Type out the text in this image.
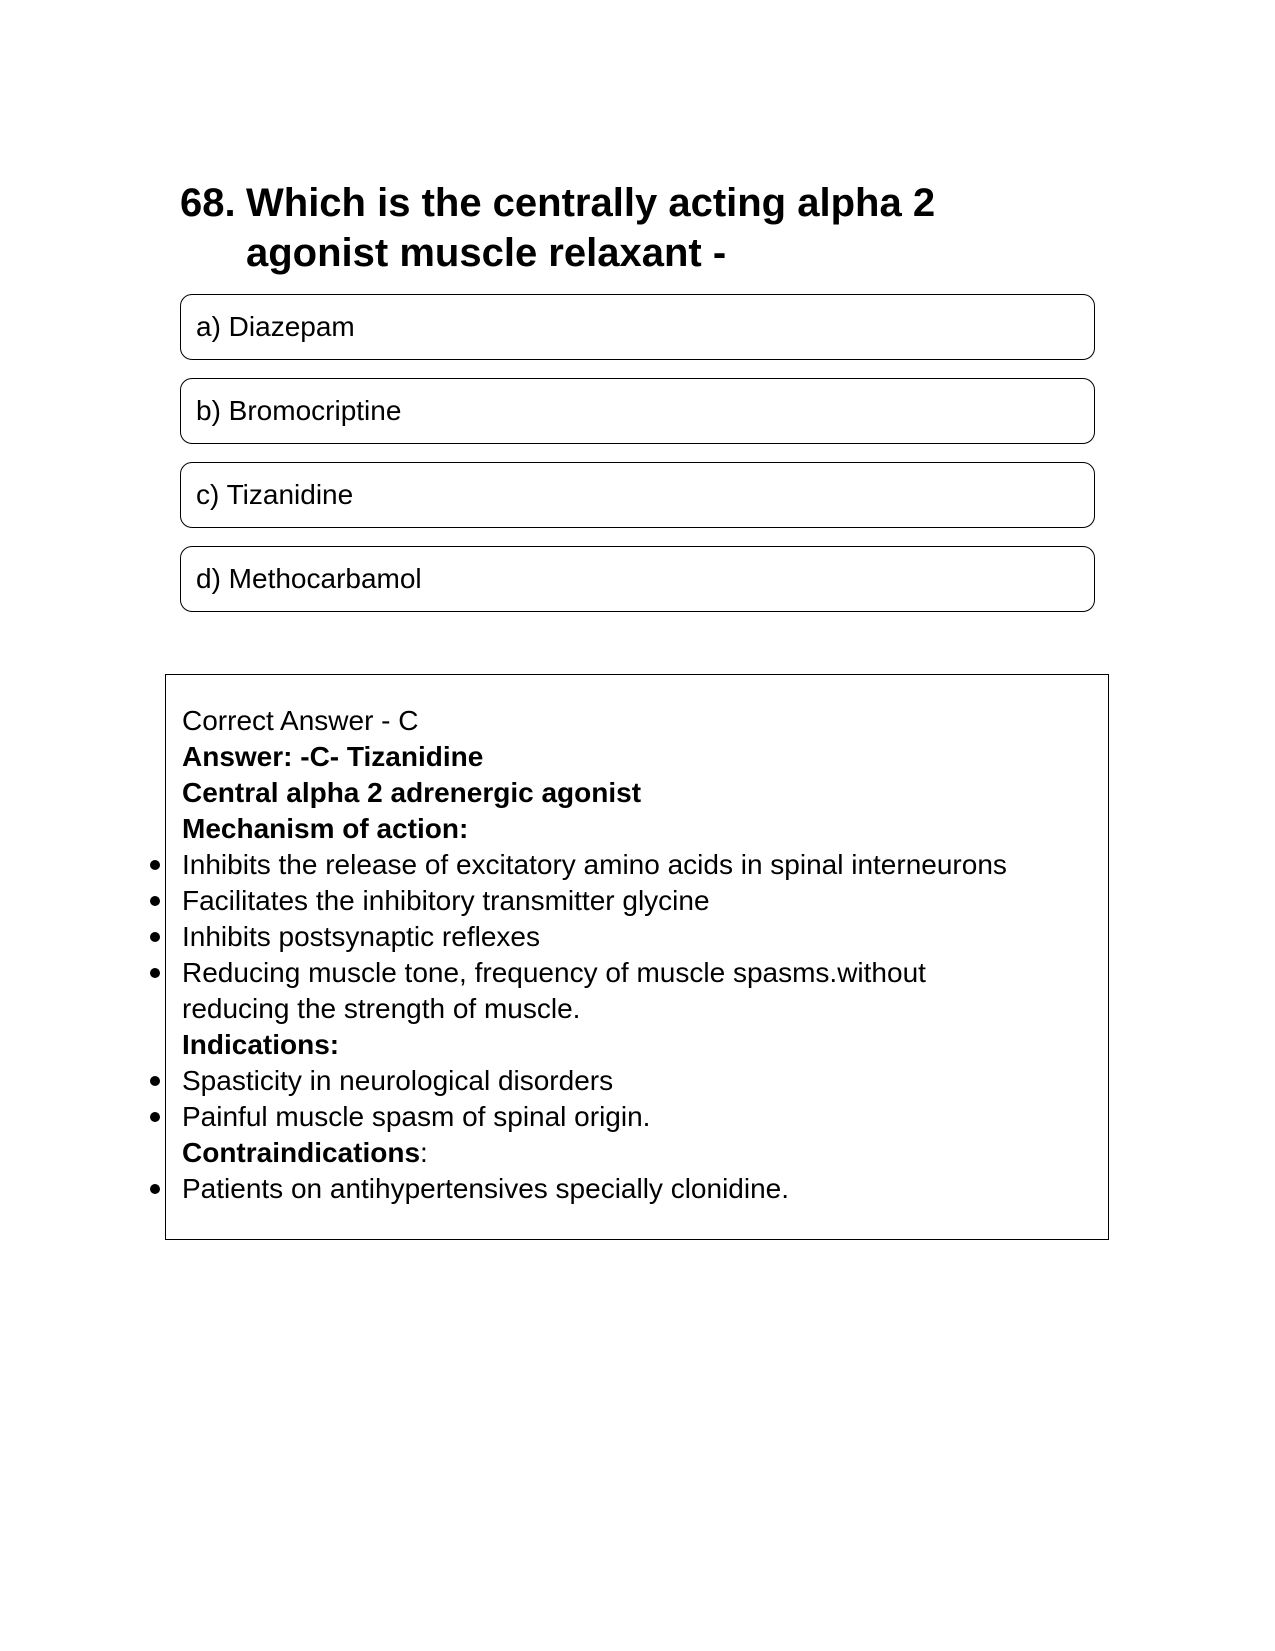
68. Which is the centrally acting alpha 2 agonist muscle relaxant -
a) Diazepam
b) Bromocriptine
c) Tizanidine
d) Methocarbamol
Correct Answer - C
Answer: -C- Tizanidine
Central alpha 2 adrenergic agonist
Mechanism of action:
Inhibits the release of excitatory amino acids in spinal interneurons
Facilitates the inhibitory transmitter glycine
Inhibits postsynaptic reflexes
Reducing muscle tone, frequency of muscle spasms.without reducing the strength of muscle.
Indications:
Spasticity in neurological disorders
Painful muscle spasm of spinal origin.
Contraindications:
Patients on antihypertensives specially clonidine.
